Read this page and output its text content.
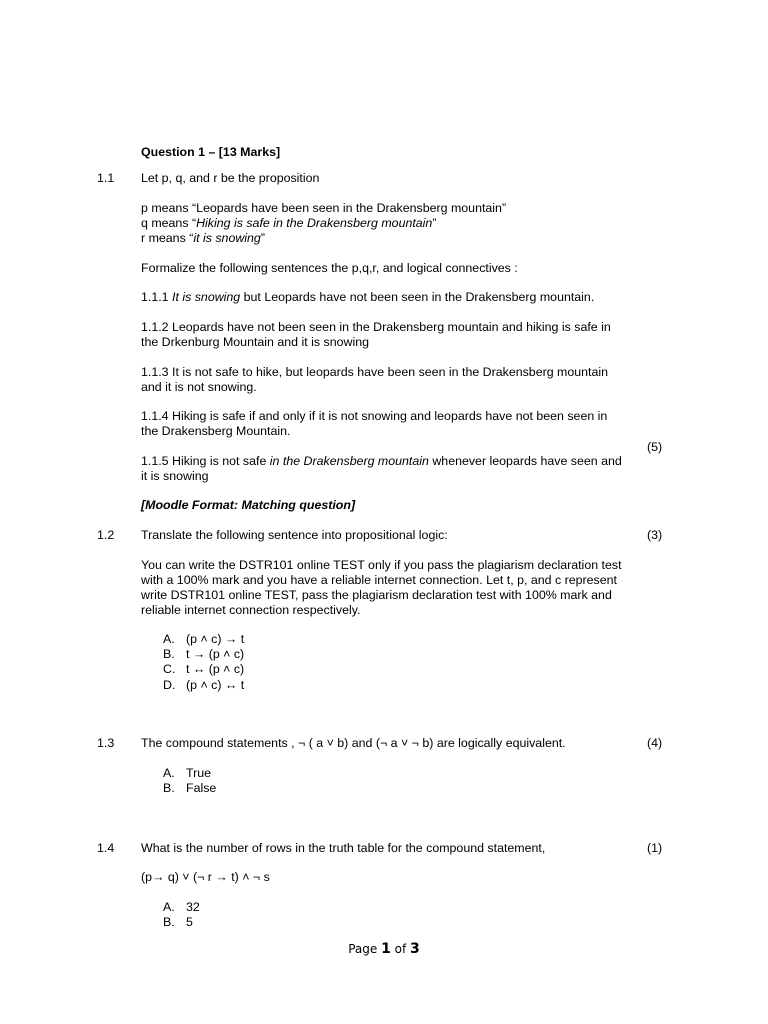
Question 1 – [13 Marks]
1.1 Let p, q, and r be the proposition
p means “Leopards have been seen in the Drakensberg mountain”
q means “Hiking is safe in the Drakensberg mountain”
r means “it is snowing”
Formalize the following sentences the p,q,r, and logical connectives :
1.1.1 It is snowing but Leopards have not been seen in the Drakensberg mountain.
1.1.2 Leopards have not been seen in the Drakensberg mountain and hiking is safe in
the Drkenburg Mountain and it is snowing
1.1.3 It is not safe to hike, but leopards have been seen in the Drakensberg mountain
and it is not snowing.
1.1.4 Hiking is safe if and only if it is not snowing and leopards have not been seen in
the Drakensberg Mountain.
(5)
1.1.5 Hiking is not safe in the Drakensberg mountain whenever leopards have seen and
it is snowing
[Moodle Format: Matching question]
1.2 Translate the following sentence into propositional logic:	(3)
You can write the DSTR101 online TEST only if you pass the plagiarism declaration test
with a 100% mark and you have a reliable internet connection. Let t, p, and c represent
write DSTR101 online TEST, pass the plagiarism declaration test with 100% mark and
reliable internet connection respectively.
A. (p ˄ c) → t
B. t → (p ˄ c)
C. t ↔ (p ˄ c)
D. (p ˄ c) ↔ t
1.3 The compound statements , ¬ ( a ˅ b) and (¬ a ˅ ¬ b) are logically equivalent.	(4)
A. True
B. False
1.4 What is the number of rows in the truth table for the compound statement,	(1)
(p→ q) ˅ (¬ r → t) ˄ ¬ s
A. 32
B. 5
Page 1 of 3
